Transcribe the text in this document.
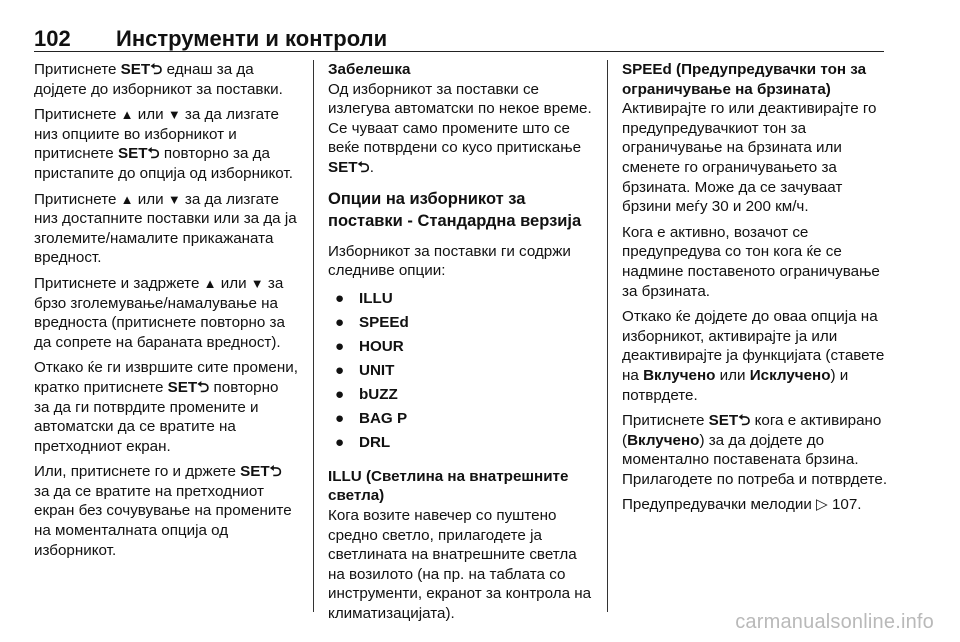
102 Инструменти и контроли

Притиснете SET⮌ еднаш за да дојдете до изборникот за поставки.

Притиснете ▲ или ▼ за да лизгате низ опциите во изборникот и притиснете SET⮌ повторно за да пристапите до опција од изборникот.

Притиснете ▲ или ▼ за да лизгате низ достапните поставки или за да ја зголемите/намалите прикажаната вредност.

Притиснете и задржете ▲ или ▼ за брзо зголемување/намалување на вредноста (притиснете повторно за да сопрете на бараната вредност).

Откако ќе ги извршите сите промени, кратко притиснете SET⮌ повторно за да ги потврдите промените и автоматски да се вратите на претходниот екран.

Или, притиснете го и држете SET⮌ за да се вратите на претходниот екран без сочувување на промените на моменталната опција од изборникот.

Забелешка

Од изборникот за поставки се излегува автоматски по некое време. Се чуваат само промените што се веќе потврдени со кусо притискање SET⮌.

Опции на изборникот за поставки - Стандардна верзија

Изборникот за поставки ги содржи следниве опции:

● ILLU
● SPEEd
● HOUR
● UNIT
● bUZZ
● BAG P
● DRL
ILLU (Светлина на внатрешните светла)

Кога возите навечер со пуштено средно светло, прилагодете ја светлината на внатрешните светла на возилото (на пр. на таблата со инструменти, екранот за контрола на климатизацијата).

SPEEd (Предупредувачки тон за ограничување на брзината)

Активирајте го или деактивирајте го предупредувачкиот тон за ограничување на брзината или сменете го ограничувањето за брзината. Може да се зачуваат брзини меѓу 30 и 200 км/ч.

Кога е активно, возачот се предупредува со тон кога ќе се надмине поставеното ограничување за брзината.

Откако ќе дојдете до оваа опција на изборникот, активирајте ја или деактивирајте ја функцијата (ставете на Вклучено или Исклучено) и потврдете.

Притиснете SET⮌ кога е активирано (Вклучено) за да дојдете до моментално поставената брзина. Прилагодете по потреба и потврдете.

Предупредувачки мелодии ▷ 107.

carmanualsonline.info
